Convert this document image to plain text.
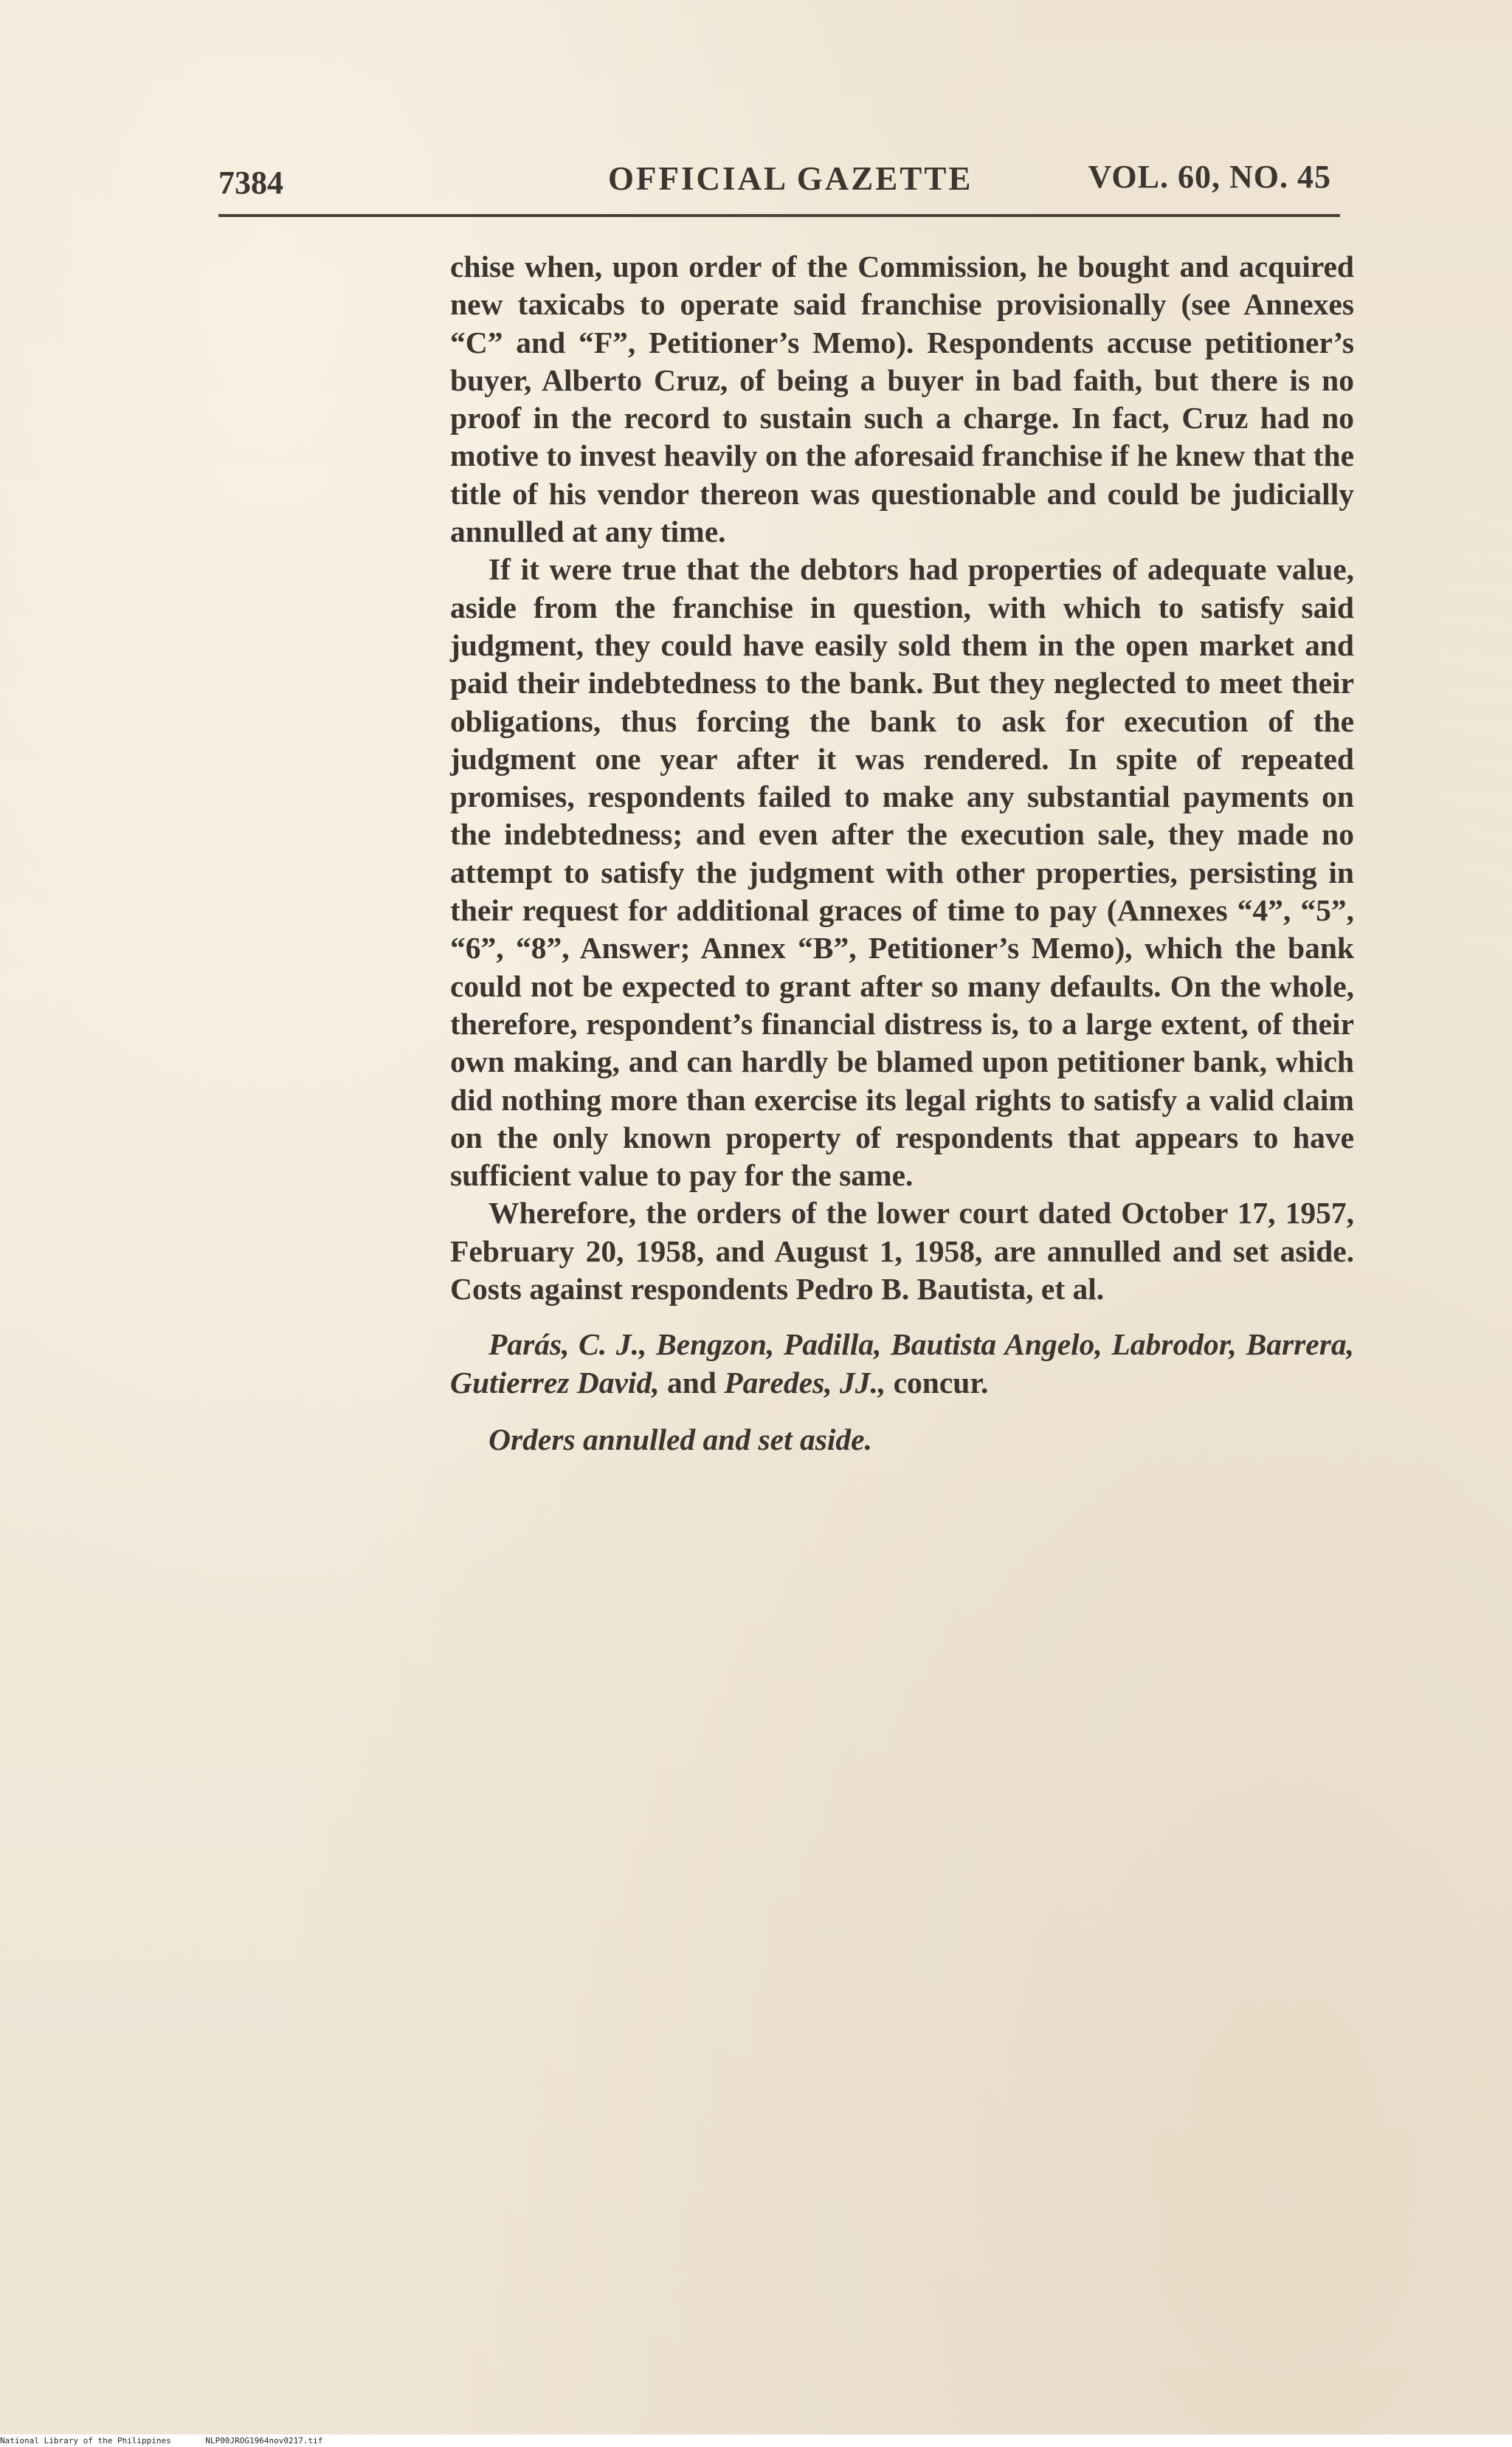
7384	OFFICIAL GAZETTE	VOL. 60, NO. 45

chise when, upon order of the Commission, he bought and acquired new taxicabs to operate said franchise provisionally (see Annexes “C” and “F”, Petitioner’s Memo). Respondents accuse petitioner’s buyer, Alberto Cruz, of being a buyer in bad faith, but there is no proof in the record to sustain such a charge. In fact, Cruz had no motive to invest heavily on the aforesaid franchise if he knew that the title of his vendor thereon was questionable and could be judicially annulled at any time.

If it were true that the debtors had properties of adequate value, aside from the franchise in question, with which to satisfy said judgment, they could have easily sold them in the open market and paid their indebtedness to the bank. But they neglected to meet their obligations, thus forcing the bank to ask for execution of the judgment one year after it was rendered. In spite of repeated promises, respondents failed to make any substantial payments on the indebtedness; and even after the execution sale, they made no attempt to satisfy the judgment with other properties, persisting in their request for additional graces of time to pay (Annexes “4”, “5”, “6”, “8”, Answer; Annex “B”, Petitioner’s Memo), which the bank could not be expected to grant after so many defaults. On the whole, therefore, respondent’s financial distress is, to a large extent, of their own making, and can hardly be blamed upon petitioner bank, which did nothing more than exercise its legal rights to satisfy a valid claim on the only known property of respondents that appears to have sufficient value to pay for the same.

Wherefore, the orders of the lower court dated October 17, 1957, February 20, 1958, and August 1, 1958, are annulled and set aside. Costs against respondents Pedro B. Bautista, et al.

Parás, C. J., Bengzon, Padilla, Bautista Angelo, Labrodor, Barrera, Gutierrez David, and Paredes, JJ., concur.

Orders annulled and set aside.

National Library of the Philippines	NLP00JROG1964nov0217.tif
